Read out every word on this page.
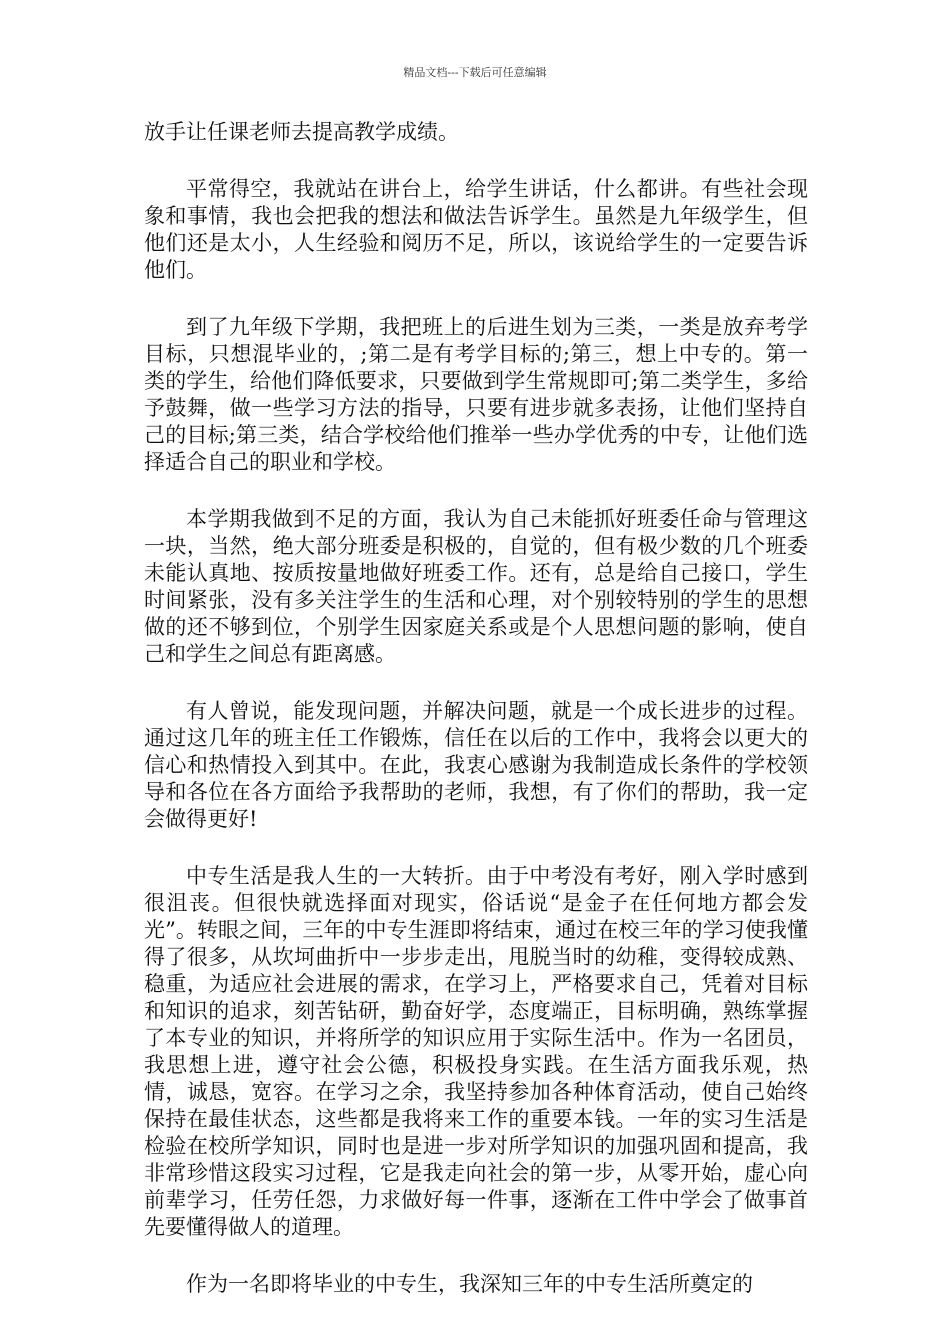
精品文档---下载后可任意编辑

放手让任课老师去提高教学成绩。

平常得空，我就站在讲台上，给学生讲话，什么都讲。有些社会现象和事情，我也会把我的想法和做法告诉学生。虽然是九年级学生，但他们还是太小，人生经验和阅历不足，所以，该说给学生的一定要告诉他们。

到了九年级下学期，我把班上的后进生划为三类，一类是放弃考学目标，只想混毕业的，;第二是有考学目标的;第三，想上中专的。第一类的学生，给他们降低要求，只要做到学生常规即可;第二类学生，多给予鼓舞，做一些学习方法的指导，只要有进步就多表扬，让他们坚持自己的目标;第三类，结合学校给他们推举一些办学优秀的中专，让他们选择适合自己的职业和学校。

本学期我做到不足的方面，我认为自己未能抓好班委任命与管理这一块，当然，绝大部分班委是积极的，自觉的，但有极少数的几个班委未能认真地、按质按量地做好班委工作。还有，总是给自己接口，学生时间紧张，没有多关注学生的生活和心理，对个别较特别的学生的思想做的还不够到位，个别学生因家庭关系或是个人思想问题的影响，使自己和学生之间总有距离感。

有人曾说，能发现问题，并解决问题，就是一个成长进步的过程。通过这几年的班主任工作锻炼，信任在以后的工作中，我将会以更大的信心和热情投入到其中。在此，我衷心感谢为我制造成长条件的学校领导和各位在各方面给予我帮助的老师，我想，有了你们的帮助，我一定会做得更好!

中专生活是我人生的一大转折。由于中考没有考好，刚入学时感到很沮丧。但很快就选择面对现实，俗话说“是金子在任何地方都会发光”。转眼之间，三年的中专生涯即将结束，通过在校三年的学习使我懂得了很多，从坎坷曲折中一步步走出，甩脱当时的幼稚，变得较成熟、稳重，为适应社会进展的需求，在学习上，严格要求自己，凭着对目标和知识的追求，刻苦钻研，勤奋好学，态度端正，目标明确，熟练掌握了本专业的知识，并将所学的知识应用于实际生活中。作为一名团员，我思想上进，遵守社会公德，积极投身实践。在生活方面我乐观，热情，诚恳，宽容。在学习之余，我坚持参加各种体育活动，使自己始终保持在最佳状态，这些都是我将来工作的重要本钱。一年的实习生活是检验在校所学知识，同时也是进一步对所学知识的加强巩固和提高，我非常珍惜这段实习过程，它是我走向社会的第一步，从零开始，虚心向前辈学习，任劳任怨，力求做好每一件事，逐渐在工件中学会了做事首先要懂得做人的道理。

作为一名即将毕业的中专生，我深知三年的中专生活所奠定的
